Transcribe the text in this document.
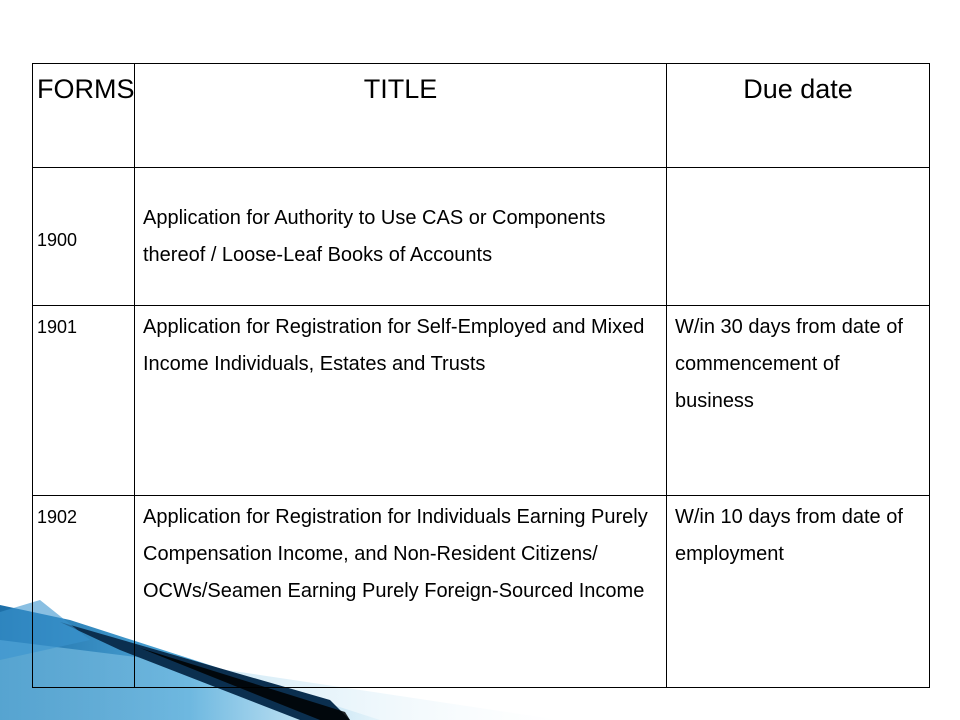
FORMS	TITLE	Due date

1900	Application for Authority to Use CAS or Components thereof / Loose-Leaf Books of Accounts	

1901	Application for Registration for Self-Employed and Mixed Income Individuals, Estates and Trusts	W/in 30 days from date of commencement of business

1902	Application for Registration for Individuals Earning Purely Compensation Income, and Non-Resident Citizens/ OCWs/Seamen Earning Purely Foreign-Sourced Income	W/in 10 days from date of employment
